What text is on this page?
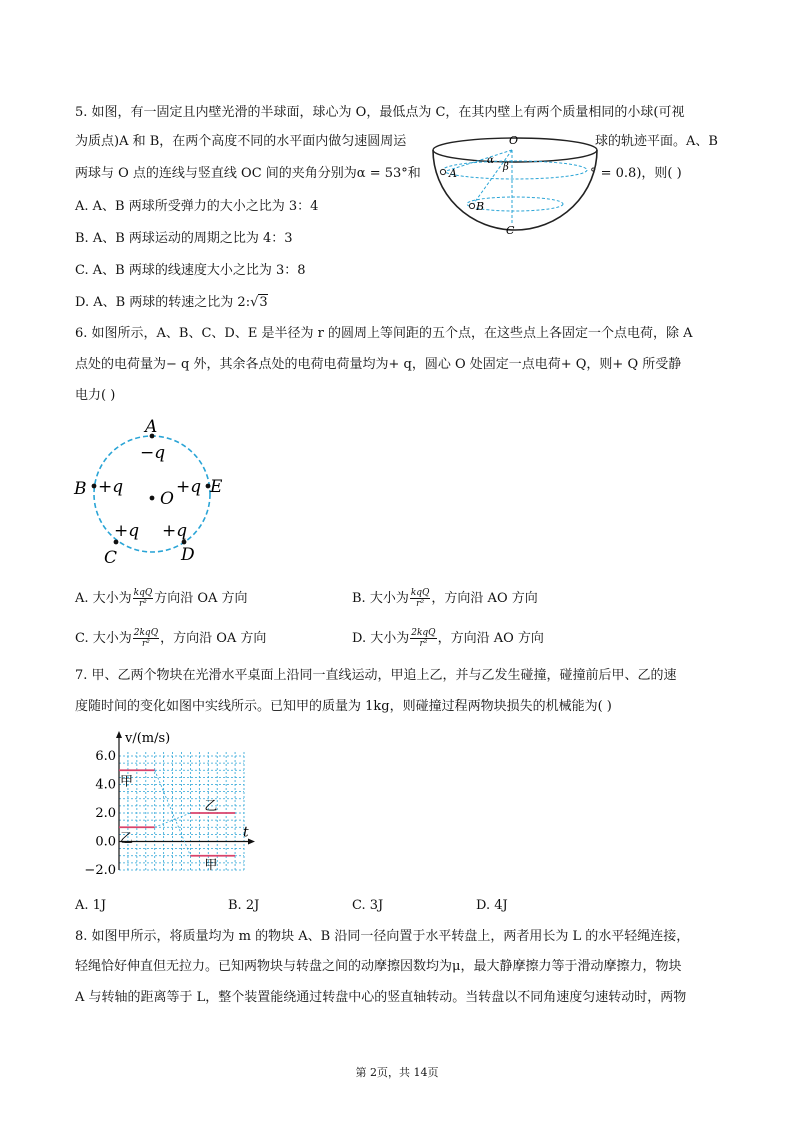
5. 如图，有一固定且内壁光滑的半球面，球心为 O，最低点为 C，在其内壁上有两个质量相同的小球(可视
为质点)A 和 B，在两个高度不同的水平面内做匀速圆周运	球的轨迹平面。A、B
两球与 O 点的连线与竖直线 OC 间的夹角分别为α = 53°和	° = 0.8)，则( )
O
α
β
A
B
C
A. A、B 两球所受弹力的大小之比为 3：4
B. A、B 两球运动的周期之比为 4：3
C. A、B 两球的线速度大小之比为 3：8
D. A、B 两球的转速之比为 2:√3
6. 如图所示，A、B、C、D、E 是半径为 r 的圆周上等间距的五个点，在这些点上各固定一个点电荷，除 A
点处的电荷量为− q 外，其余各点处的电荷电荷量均为+ q，圆心 O 处固定一点电荷+ Q，则+ Q 所受静
电力( )
A
−q
B +q
O
+q E
+q +q
C	D
A. 大小为 $\frac{\text{kqQ}}{\text{r²}}$ 方向沿 OA 方向	B. 大小为 $\frac{\text{kqQ}}{\text{r²}}$ ，方向沿 AO 方向
C. 大小为 $\frac{\text{2kqQ}}{\text{r²}}$ ，方向沿 OA 方向	D. 大小为 $\frac{\text{2kqQ}}{\text{r²}}$ ，方向沿 AO 方向
7. 甲、乙两个物块在光滑水平桌面上沿同一直线运动，甲追上乙，并与乙发生碰撞，碰撞前后甲、乙的速
度随时间的变化如图中实线所示。已知甲的质量为 1kg，则碰撞过程两物块损失的机械能为( )
6.0
4.0
2.0
0.0
−2.0
v/(m/s)
t
甲
甲
乙
乙
A. 1J	B. 2J	C. 3J	D. 4J
8. 如图甲所示，将质量均为 m 的物块 A、B 沿同一径向置于水平转盘上，两者用长为 L 的水平轻绳连接，
轻绳恰好伸直但无拉力。已知两物块与转盘之间的动摩擦因数均为μ，最大静摩擦力等于滑动摩擦力，物块
A 与转轴的距离等于 L，整个装置能绕通过转盘中心的竖直轴转动。当转盘以不同角速度匀速转动时，两物
第 2页，共 14页
